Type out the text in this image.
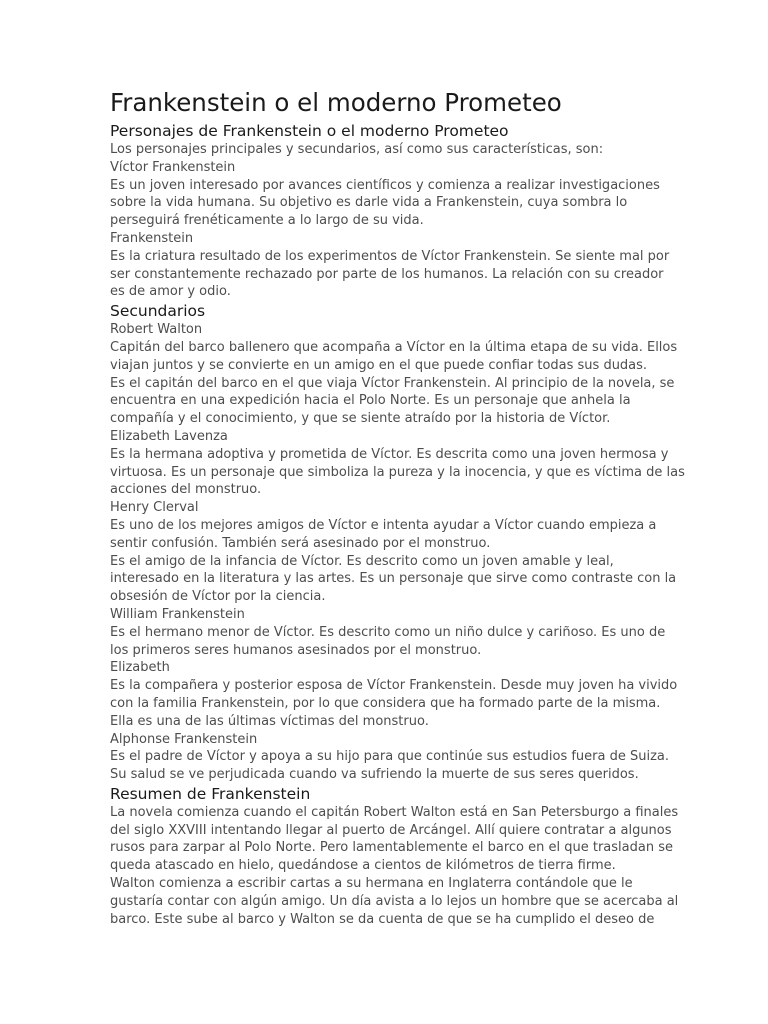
Frankenstein o el moderno Prometeo
Personajes de Frankenstein o el moderno Prometeo

Los personajes principales y secundarios, así como sus características, son:

Víctor Frankenstein

Es un joven interesado por avances científicos y comienza a realizar investigaciones

sobre la vida humana. Su objetivo es darle vida a Frankenstein, cuya sombra lo

perseguirá frenéticamente a lo largo de su vida.

Frankenstein

Es la criatura resultado de los experimentos de Víctor Frankenstein. Se siente mal por

ser constantemente rechazado por parte de los humanos. La relación con su creador

es de amor y odio.

Secundarios

Robert Walton

Capitán del barco ballenero que acompaña a Víctor en la última etapa de su vida. Ellos

viajan juntos y se convierte en un amigo en el que puede confiar todas sus dudas.

Es el capitán del barco en el que viaja Víctor Frankenstein. Al principio de la novela, se

encuentra en una expedición hacia el Polo Norte. Es un personaje que anhela la

compañía y el conocimiento, y que se siente atraído por la historia de Víctor.

Elizabeth Lavenza

Es la hermana adoptiva y prometida de Víctor. Es descrita como una joven hermosa y

virtuosa. Es un personaje que simboliza la pureza y la inocencia, y que es víctima de las

acciones del monstruo.

Henry Clerval

Es uno de los mejores amigos de Víctor e intenta ayudar a Víctor cuando empieza a

sentir confusión. También será asesinado por el monstruo.

Es el amigo de la infancia de Víctor. Es descrito como un joven amable y leal,

interesado en la literatura y las artes. Es un personaje que sirve como contraste con la

obsesión de Víctor por la ciencia.

William Frankenstein

Es el hermano menor de Víctor. Es descrito como un niño dulce y cariñoso. Es uno de

los primeros seres humanos asesinados por el monstruo.

Elizabeth

Es la compañera y posterior esposa de Víctor Frankenstein. Desde muy joven ha vivido

con la familia Frankenstein, por lo que considera que ha formado parte de la misma.

Ella es una de las últimas víctimas del monstruo.

Alphonse Frankenstein

Es el padre de Víctor y apoya a su hijo para que continúe sus estudios fuera de Suiza.

Su salud se ve perjudicada cuando va sufriendo la muerte de sus seres queridos.

Resumen de Frankenstein

La novela comienza cuando el capitán Robert Walton está en San Petersburgo a finales

del siglo XXVIII intentando llegar al puerto de Arcángel. Allí quiere contratar a algunos

rusos para zarpar al Polo Norte. Pero lamentablemente el barco en el que trasladan se

queda atascado en hielo, quedándose a cientos de kilómetros de tierra firme.

Walton comienza a escribir cartas a su hermana en Inglaterra contándole que le

gustaría contar con algún amigo. Un día avista a lo lejos un hombre que se acercaba al

barco. Este sube al barco y Walton se da cuenta de que se ha cumplido el deseo de
